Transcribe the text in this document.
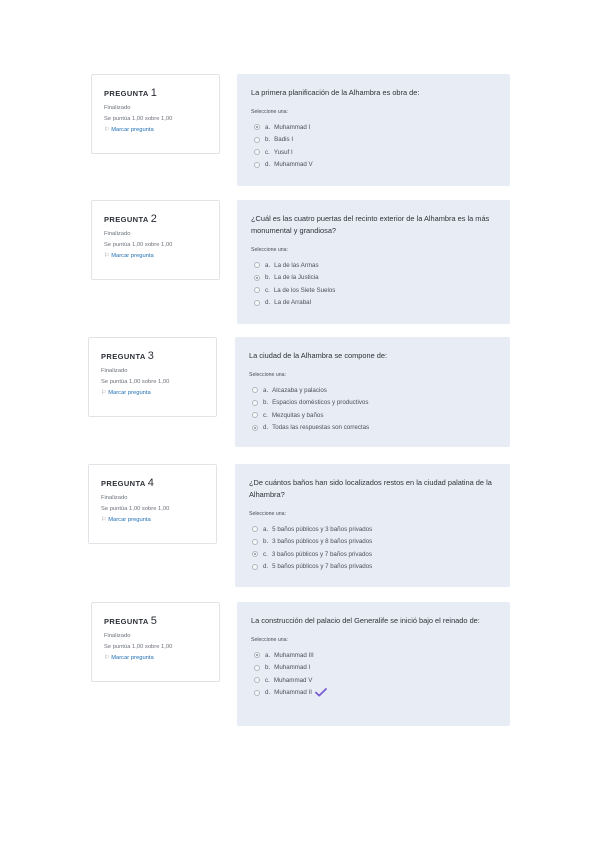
PREGUNTA 1
Finalizado
Se puntúa 1,00 sobre 1,00
⚐ Marcar pregunta
La primera planificación de la Alhambra es obra de:
Seleccione una:
a. Muhammad I
b. Badis I
c. Yusuf I
d. Muhammad V
PREGUNTA 2
Finalizado
Se puntúa 1,00 sobre 1,00
⚐ Marcar pregunta
¿Cuál es las cuatro puertas del recinto exterior de la Alhambra es la más monumental y grandiosa?
Seleccione una:
a. La de las Armas
b. La de la Justicia
c. La de los Siete Suelos
d. La de Arrabal
PREGUNTA 3
Finalizado
Se puntúa 1,00 sobre 1,00
⚐ Marcar pregunta
La ciudad de la Alhambra se compone de:
Seleccione una:
a. Alcazaba y palacios
b. Espacios domésticos y productivos
c. Mezquitas y baños
d. Todas las respuestas son correctas
PREGUNTA 4
Finalizado
Se puntúa 1,00 sobre 1,00
⚐ Marcar pregunta
¿De cuántos baños han sido localizados restos en la ciudad palatina de la Alhambra?
Seleccione una:
a. 5 baños públicos y 3 baños privados
b. 3 baños públicos y 8 baños privados
c. 3 baños públicos y 7 baños privados
d. 5 baños públicos y 7 baños privados
PREGUNTA 5
Finalizado
Se puntúa 1,00 sobre 1,00
⚐ Marcar pregunta
La construcción del palacio del Generalife se inició bajo el reinado de:
Seleccione una:
a. Muhammad III
b. Muhammad I
c. Muhammad V
d. Muhammad II
